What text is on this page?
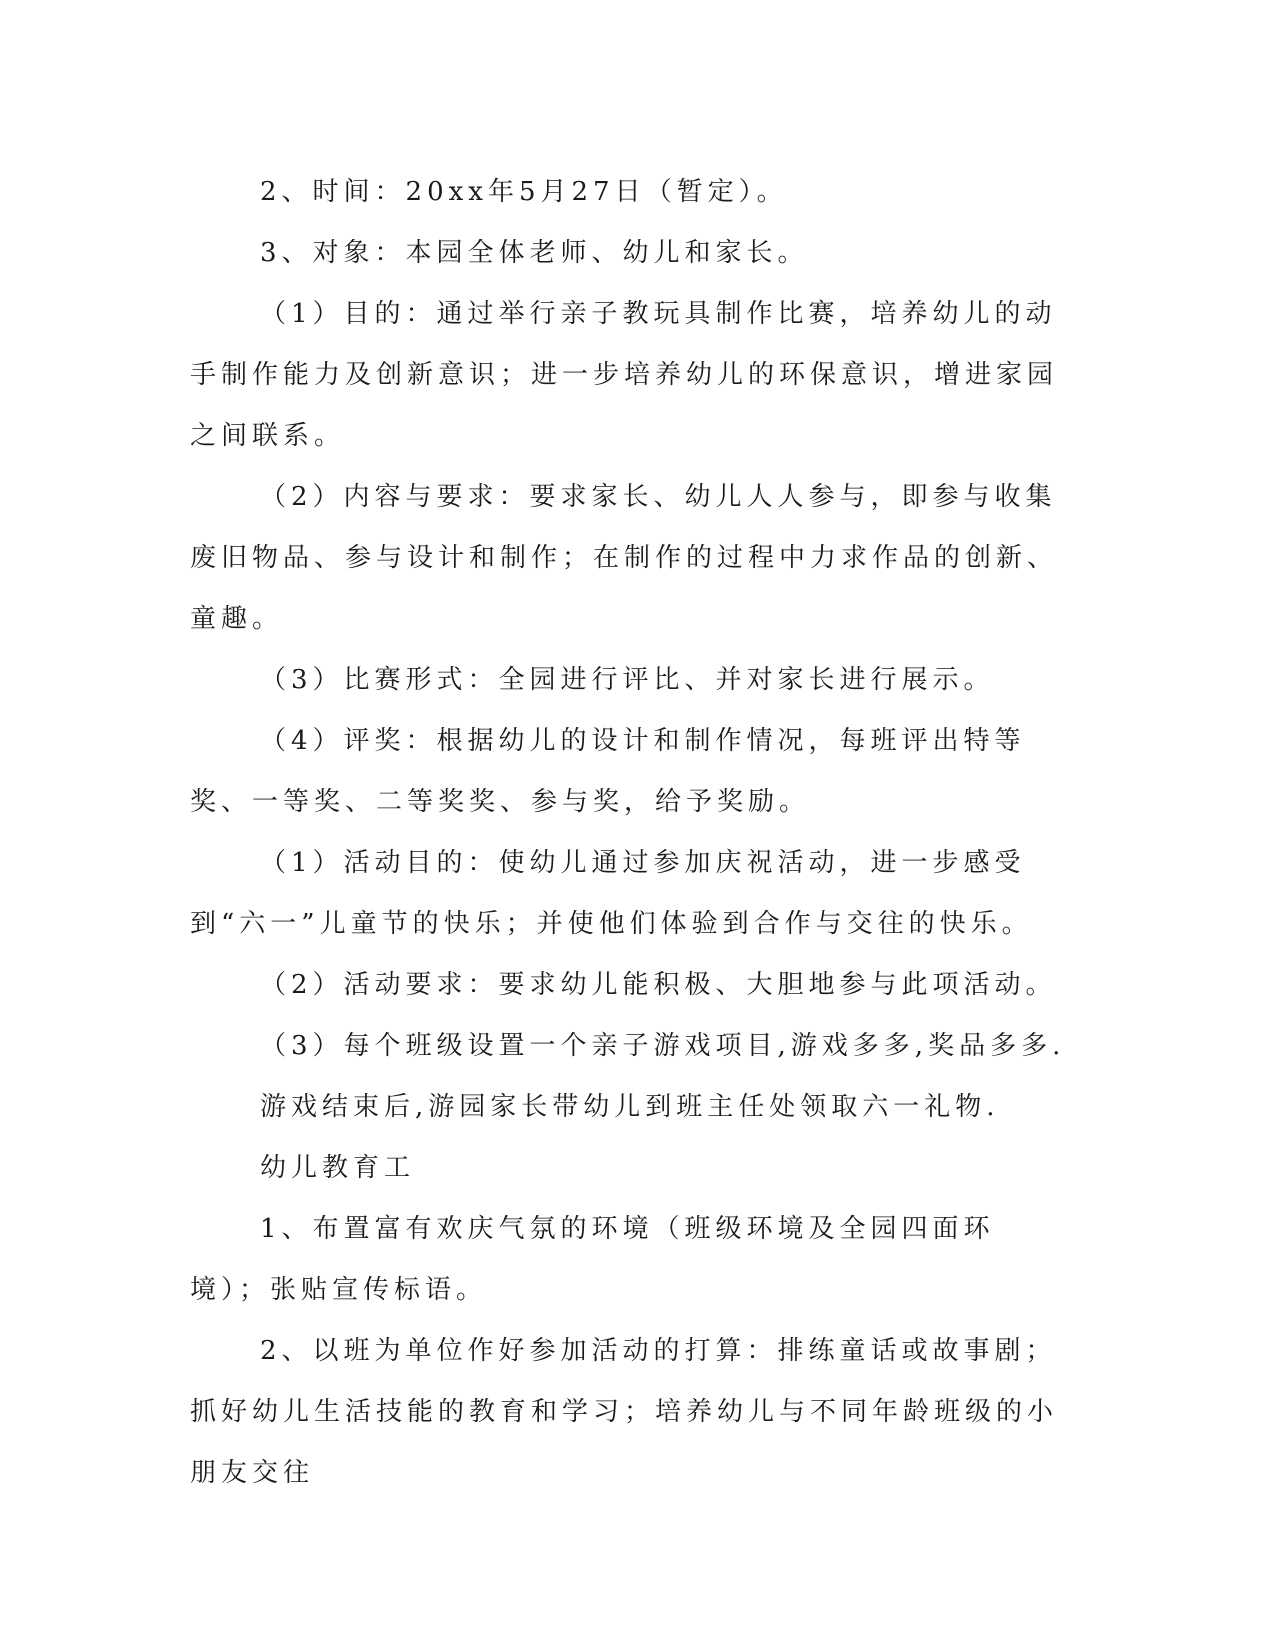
2、时间：20xx年5月27日（暂定）。

3、对象：本园全体老师、幼儿和家长。

（1）目的：通过举行亲子教玩具制作比赛，培养幼儿的动手制作能力及创新意识；进一步培养幼儿的环保意识，增进家园之间联系。

（2）内容与要求：要求家长、幼儿人人参与，即参与收集废旧物品、参与设计和制作；在制作的过程中力求作品的创新、童趣。

（3）比赛形式：全园进行评比、并对家长进行展示。

（4）评奖：根据幼儿的设计和制作情况，每班评出特等奖、一等奖、二等奖奖、参与奖，给予奖励。

（1）活动目的：使幼儿通过参加庆祝活动，进一步感受到“六一”儿童节的快乐；并使他们体验到合作与交往的快乐。

（2）活动要求：要求幼儿能积极、大胆地参与此项活动。

（3）每个班级设置一个亲子游戏项目,游戏多多,奖品多多.

游戏结束后,游园家长带幼儿到班主任处领取六一礼物.

幼儿教育工

1、布置富有欢庆气氛的环境（班级环境及全园四面环境）；张贴宣传标语。

2、以班为单位作好参加活动的打算：排练童话或故事剧；抓好幼儿生活技能的教育和学习；培养幼儿与不同年龄班级的小朋友交往
